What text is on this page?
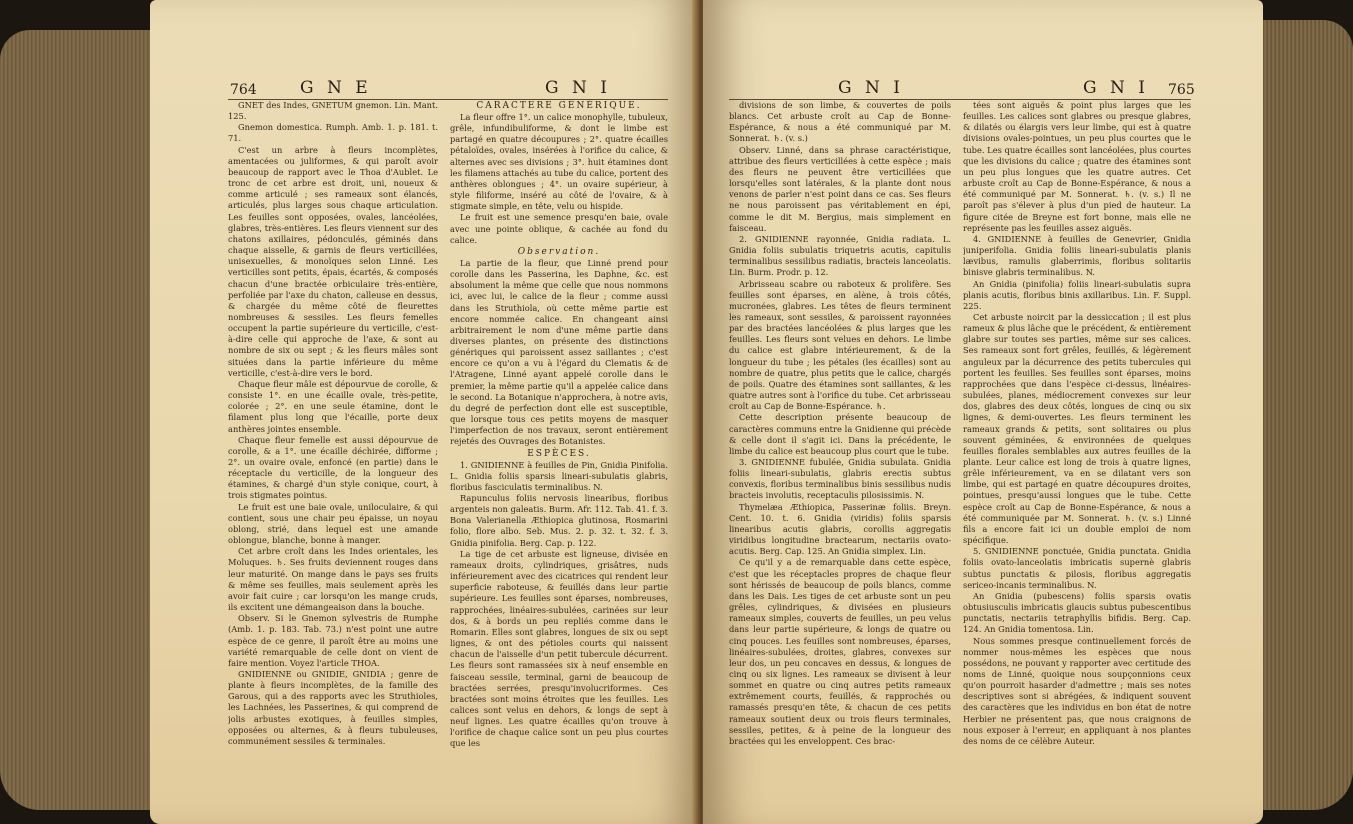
764	G N E	G N I

GNET des Indes, GNETUM gnemon. Lin. Mant. 125.

Gnemon domestica. Rumph. Amb. 1. p. 181. t. 71.

C'est un arbre à fleurs incomplètes, amentacées ou juliformes, & qui paroît avoir beaucoup de rapport avec le Thoa d'Aublet. Le tronc de cet arbre est droit, uni, noueux & comme articulé ; ses rameaux sont élancés, articulés, plus larges sous chaque articulation. Les feuilles sont opposées, ovales, lancéolées, glabres, très-entières. Les fleurs viennent sur des chatons axillaires, pédonculés, géminés dans chaque aisselle, & garnis de fleurs verticillées, unisexuelles, & monoïques selon Linné. Les verticilles sont petits, épais, écartés, & composés chacun d'une bractée orbiculaire très-entière, perfoliée par l'axe du chaton, calleuse en dessus, & chargée du même côté de fleurettes nombreuses & sessiles. Les fleurs femelles occupent la partie supérieure du verticille, c'est-à-dire celle qui approche de l'axe, & sont au nombre de six ou sept ; & les fleurs mâles sont situées dans la partie inférieure du même verticille, c'est-à-dire vers le bord.

Chaque fleur mâle est dépourvue de corolle, & consiste 1°. en une écaille ovale, très-petite, colorée ; 2°. en une seule étamine, dont le filament plus long que l'écaille, porte deux anthères jointes ensemble.

Chaque fleur femelle est aussi dépourvue de corolle, & a 1°. une écaille déchirée, difforme ; 2°. un ovaire ovale, enfoncé (en partie) dans le réceptacle du verticille, de la longueur des étamines, & chargé d'un style conique, court, à trois stigmates pointus.

Le fruit est une baie ovale, uniloculaire, & qui contient, sous une chair peu épaisse, un noyau oblong, strié, dans lequel est une amande oblongue, blanche, bonne à manger.

Cet arbre croît dans les Indes orientales, les Moluques. ♄. Ses fruits deviennent rouges dans leur maturité. On mange dans le pays ses fruits & même ses feuilles, mais seulement après les avoir fait cuire ; car lorsqu'on les mange cruds, ils excitent une démangeaison dans la bouche.

Observ. Si le Gnemon sylvestris de Rumphe (Amb. 1. p. 183. Tab. 73.) n'est point une autre espèce de ce genre, il paroît être au moins une variété remarquable de celle dont on vient de faire mention. Voyez l'article THOA.

GNIDIENNE ou GNIDIE, GNIDIA ; genre de plante à fleurs incomplètes, de la famille des Garous, qui a des rapports avec les Struthioles, les Lachnées, les Passerines, & qui comprend de jolis arbustes exotiques, à feuilles simples, opposées ou alternes, & à fleurs tubuleuses, communément sessiles & terminales.

CARACTERE GÉNÉRIQUE.

La fleur offre 1°. un calice monophylle, tubuleux, grêle, infundibuliforme, & dont le limbe est partagé en quatre découpures ; 2°. quatre écailles pétaloïdes, ovales, insérées à l'orifice du calice, & alternes avec ses divisions ; 3°. huit étamines dont les filamens attachés au tube du calice, portent des anthères oblongues ; 4°. un ovaire supérieur, à style filiforme, inséré au côté de l'ovaire, & à stigmate simple, en tête, velu ou hispide.

Le fruit est une semence presqu'en baie, ovale avec une pointe oblique, & cachée au fond du calice.

Observation.

La partie de la fleur, que Linné prend pour corolle dans les Passerina, les Daphne, &c. est absolument la même que celle que nous nommons ici, avec lui, le calice de la fleur ; comme aussi dans les Struthiola, où cette même partie est encore nommée calice. En changeant ainsi arbitrairement le nom d'une même partie dans diverses plantes, on présente des distinctions génériques qui paroissent assez saillantes ; c'est encore ce qu'on a vu à l'égard du Clematis & de l'Atragene, Linné ayant appelé corolle dans le premier, la même partie qu'il a appelée calice dans le second. La Botanique n'approchera, à notre avis, du degré de perfection dont elle est susceptible, que lorsque tous ces petits moyens de masquer l'imperfection de nos travaux, seront entièrement rejetés des Ouvrages des Botanistes.

ESPÈCES.

1. GNIDIENNE à feuilles de Pin, Gnidia Pinifolia. L. Gnidia foliis sparsis lineari-subulatis glabris, floribus fasciculatis terminalibus. N.

Rapunculus foliis nervosis linearibus, floribus argenteis non galeatis. Burm. Afr. 112. Tab. 41. f. 3. Bona Valerianella Æthiopica glutinosa, Rosmarini folio, flore albo. Seb. Mus. 2. p. 32. t. 32. f. 3. Gnidia pinifolia. Berg. Cap. p. 122.

La tige de cet arbuste est ligneuse, divisée en rameaux droits, cylindriques, grisâtres, nuds inférieurement avec des cicatrices qui rendent leur superficie raboteuse, & feuillés dans leur partie supérieure. Les feuilles sont éparses, nombreuses, rapprochées, linéaires-subulées, carinées sur leur dos, & à bords un peu repliés comme dans le Romarin. Elles sont glabres, longues de six ou sept lignes, & ont des pétioles courts qui naissent chacun de l'aisselle d'un petit tubercule décurrent. Les fleurs sont ramassées six à neuf ensemble en faisceau sessile, terminal, garni de beaucoup de bractées serrées, presqu'involucriformes. Ces bractées sont moins étroites que les feuilles. Les calices sont velus en dehors, & longs de sept à neuf lignes. Les quatre écailles qu'on trouve à l'orifice de chaque calice sont un peu plus courtes que les

G N I	G N I 765

divisions de son limbe, & couvertes de poils blancs. Cet arbuste croît au Cap de Bonne-Espérance, & nous a été communiqué par M. Sonnerat. ♄. (v. s.)

Observ. Linné, dans sa phrase caractéristique, attribue des fleurs verticillées à cette espèce ; mais des fleurs ne peuvent être verticillées que lorsqu'elles sont latérales, & la plante dont nous venons de parler n'est point dans ce cas. Ses fleurs ne nous paroissent pas véritablement en épi, comme le dit M. Bergius, mais simplement en faisceau.

2. GNIDIENNE rayonnée, Gnidia radiata. L. Gnidia foliis subulatis triquetris acutis, capitulis terminalibus sessilibus radiatis, bracteis lanceolatis. Lin. Burm. Prodr. p. 12.

Arbrisseau scabre ou raboteux & prolifère. Ses feuilles sont éparses, en alène, à trois côtés, mucronées, glabres. Les têtes de fleurs terminent les rameaux, sont sessiles, & paroissent rayonnées par des bractées lancéolées & plus larges que les feuilles. Les fleurs sont velues en dehors. Le limbe du calice est glabre intérieurement, & de la longueur du tube ; les pétales (les écailles) sont au nombre de quatre, plus petits que le calice, chargés de poils. Quatre des étamines sont saillantes, & les quatre autres sont à l'orifice du tube. Cet arbrisseau croît au Cap de Bonne-Espérance. ♄.

Cette description présente beaucoup de caractères communs entre la Gnidienne qui précède & celle dont il s'agit ici. Dans la précédente, le limbe du calice est beaucoup plus court que le tube.

3. GNIDIENNE fubulée, Gnidia subulata. Gnidia foliis lineari-subulatis, glabris erectis subtus convexis, floribus terminalibus binis sessilibus nudis bracteis involutis, receptaculis pilosissimis. N.

Thymelæa Æthiopica, Passerinæ foliis. Breyn. Cent. 10. t. 6. Gnidia (viridis) foliis sparsis linearibus acutis glabris, corollis aggregatis viridibus longitudine bractearum, nectariis ovato-acutis. Berg. Cap. 125. An Gnidia simplex. Lin.

Ce qu'il y a de remarquable dans cette espèce, c'est que les réceptacles propres de chaque fleur sont hérissés de beaucoup de poils blancs, comme dans les Dais. Les tiges de cet arbuste sont un peu grêles, cylindriques, & divisées en plusieurs rameaux simples, couverts de feuilles, un peu velus dans leur partie supérieure, & longs de quatre ou cinq pouces. Les feuilles sont nombreuses, éparses, linéaires-subulées, droites, glabres, convexes sur leur dos, un peu concaves en dessus, & longues de cinq ou six lignes. Les rameaux se divisent à leur sommet en quatre ou cinq autres petits rameaux extrêmement courts, feuillés, & rapprochés ou ramassés presqu'en tête, & chacun de ces petits rameaux soutient deux ou trois fleurs terminales, sessiles, petites, & à peine de la longueur des bractées qui les enveloppent. Ces brac-

tées sont aiguës & point plus larges que les feuilles. Les calices sont glabres ou presque glabres, & dilatés ou élargis vers leur limbe, qui est à quatre divisions ovales-pointues, un peu plus courtes que le tube. Les quatre écailles sont lancéolées, plus courtes que les divisions du calice ; quatre des étamines sont un peu plus longues que les quatre autres. Cet arbuste croît au Cap de Bonne-Espérance, & nous a été communiqué par M. Sonnerat. ♄. (v. s.) Il ne paroît pas s'élever à plus d'un pied de hauteur. La figure citée de Breyne est fort bonne, mais elle ne représente pas les feuilles assez aiguës.

4. GNIDIENNE à feuilles de Genevrier, Gnidia juniperifolia. Gnidia foliis lineari-subulatis planis lævibus, ramulis glaberrimis, floribus solitariis binisve glabris terminalibus. N.

An Gnidia (pinifolia) foliis lineari-subulatis supra planis acutis, floribus binis axillaribus. Lin. F. Suppl. 225.

Cet arbuste noircit par la dessiccation ; il est plus rameux & plus lâche que le précédent, & entièrement glabre sur toutes ses parties, même sur ses calices. Ses rameaux sont fort grêles, feuillés, & légèrement anguleux par la décurrence des petits tubercules qui portent les feuilles. Ses feuilles sont éparses, moins rapprochées que dans l'espèce ci-dessus, linéaires-subulées, planes, médiocrement convexes sur leur dos, glabres des deux côtés, longues de cinq ou six lignes, & demi-ouvertes. Les fleurs terminent les rameaux grands & petits, sont solitaires ou plus souvent géminées, & environnées de quelques feuilles florales semblables aux autres feuilles de la plante. Leur calice est long de trois à quatre lignes, grêle inférieurement, va en se dilatant vers son limbe, qui est partagé en quatre découpures droites, pointues, presqu'aussi longues que le tube. Cette espèce croît au Cap de Bonne-Espérance, & nous a été communiquée par M. Sonnerat. ♄. (v. s.) Linné fils a encore fait ici un double emploi de nom spécifique.

5. GNIDIENNE ponctuée, Gnidia punctata. Gnidia foliis ovato-lanceolatis imbricatis supernè glabris subtus punctatis & pilosis, floribus aggregatis sericeo-incanis terminalibus. N.

An Gnidia (pubescens) foliis sparsis ovatis obtusiusculis imbricatis glaucis subtus pubescentibus punctatis, nectariis tetraphyllis bifidis. Berg. Cap. 124. An Gnidia tomentosa. Lin.

Nous sommes presque continuellement forcés de nommer nous-mêmes les espèces que nous possédons, ne pouvant y rapporter avec certitude des noms de Linné, quoique nous soupçonnions ceux qu'on pourroit hasarder d'admettre ; mais ses notes descriptives sont si abrégées, & indiquent souvent des caractères que les individus en bon état de notre Herbier ne présentent pas, que nous craignons de nous exposer à l'erreur, en appliquant à nos plantes des noms de ce célèbre Auteur.
